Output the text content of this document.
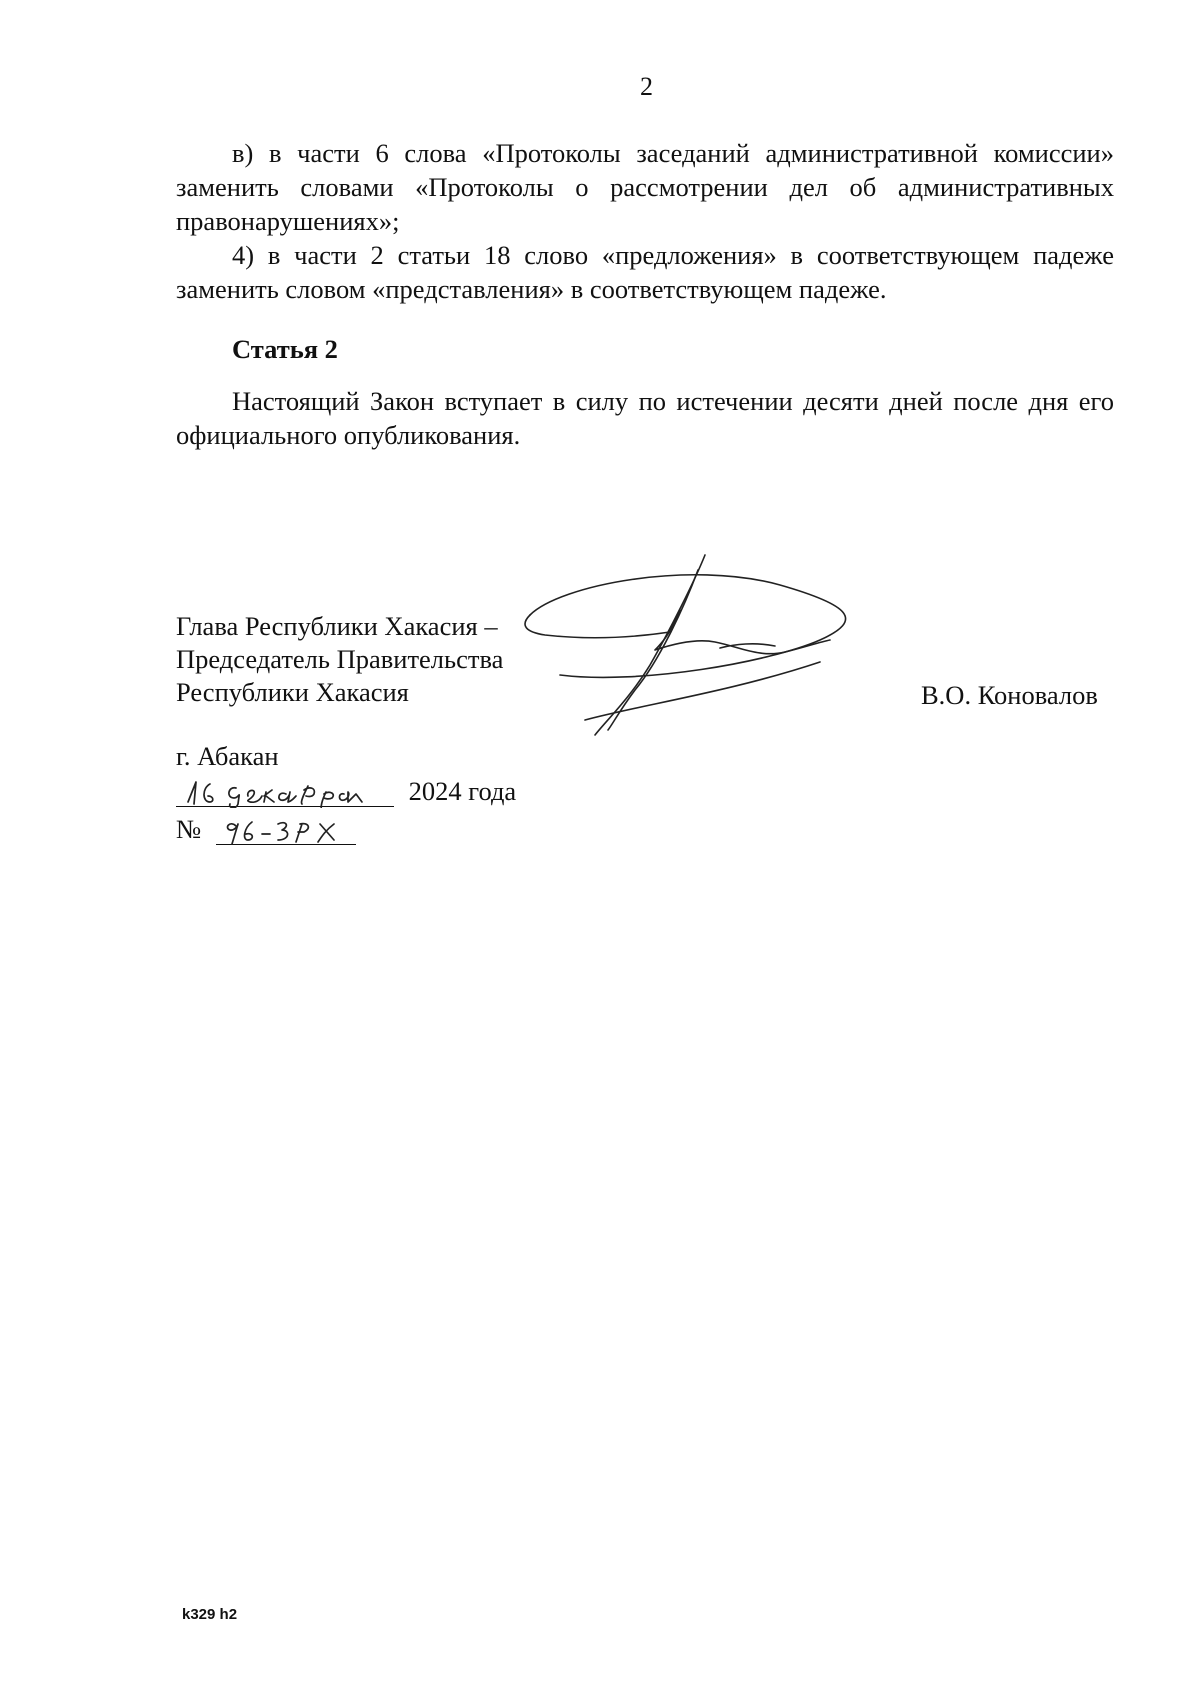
2

в) в части 6 слова «Протоколы заседаний административной комиссии» заменить словами «Протоколы о рассмотрении дел об административных правонарушениях»;

4) в части 2 статьи 18 слово «предложения» в соответствующем падеже заменить словом «представления» в соответствующем падеже.

Статья 2

Настоящий Закон вступает в силу по истечении десяти дней после дня его официального опубликования.

Глава Республики Хакасия –
Председатель Правительства
Республики Хакасия	В.О. Коновалов
г. Абакан
2024 года
№
k329 h2
